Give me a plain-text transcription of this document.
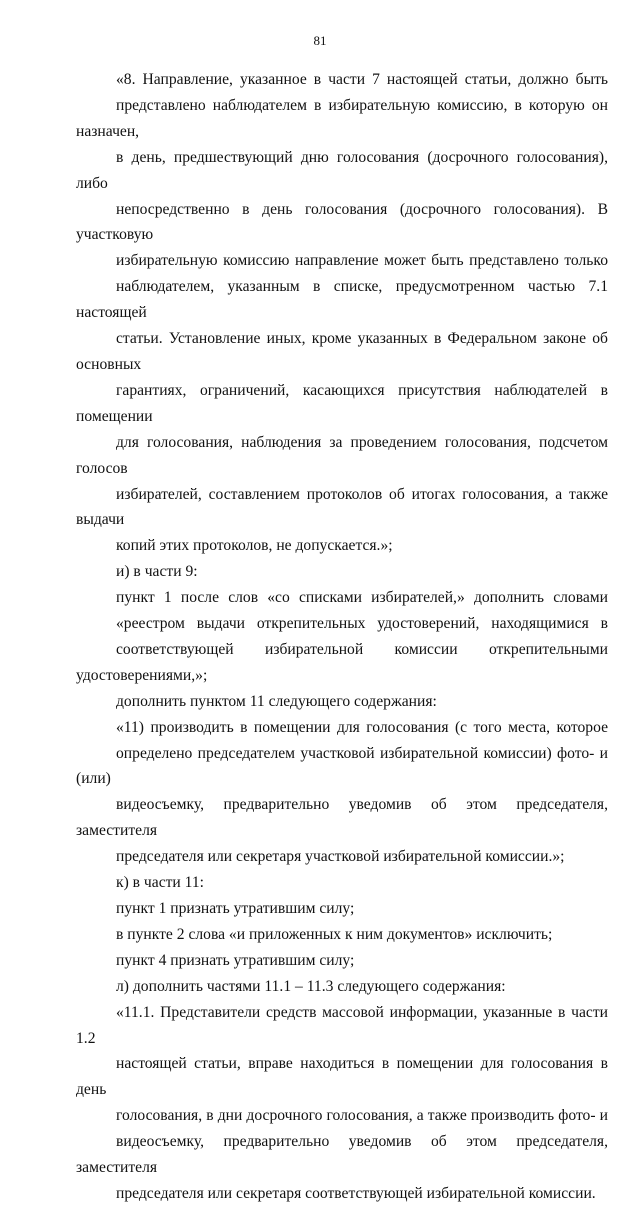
81
«8. Направление, указанное в части 7 настоящей статьи, должно быть
представлено наблюдателем в избирательную комиссию, в которую он назначен,
в день, предшествующий дню голосования (досрочного голосования), либо
непосредственно в день голосования (досрочного голосования). В участковую
избирательную комиссию направление может быть представлено только
наблюдателем, указанным в списке, предусмотренном частью 7.1 настоящей
статьи. Установление иных, кроме указанных в Федеральном законе об основных
гарантиях, ограничений, касающихся присутствия наблюдателей в помещении
для голосования, наблюдения за проведением голосования, подсчетом голосов
избирателей, составлением протоколов об итогах голосования, а также выдачи
копий этих протоколов, не допускается.»;
и) в части 9:
пункт 1 после слов «со списками избирателей,» дополнить словами
«реестром выдачи открепительных удостоверений, находящимися в
соответствующей избирательной комиссии открепительными удостоверениями,»;
дополнить пунктом 11 следующего содержания:
«11) производить в помещении для голосования (с того места, которое
определено председателем участковой избирательной комиссии) фото- и (или)
видеосъемку, предварительно уведомив об этом председателя, заместителя
председателя или секретаря участковой избирательной комиссии.»;
к) в части 11:
пункт 1 признать утратившим силу;
в пункте 2 слова «и приложенных к ним документов» исключить;
пункт 4 признать утратившим силу;
л) дополнить частями 11.1 – 11.3 следующего содержания:
«11.1. Представители средств массовой информации, указанные в части 1.2
настоящей статьи, вправе находиться в помещении для голосования в день
голосования, в дни досрочного голосования, а также производить фото- и
видеосъемку, предварительно уведомив об этом председателя, заместителя
председателя или секретаря соответствующей избирательной комиссии.
